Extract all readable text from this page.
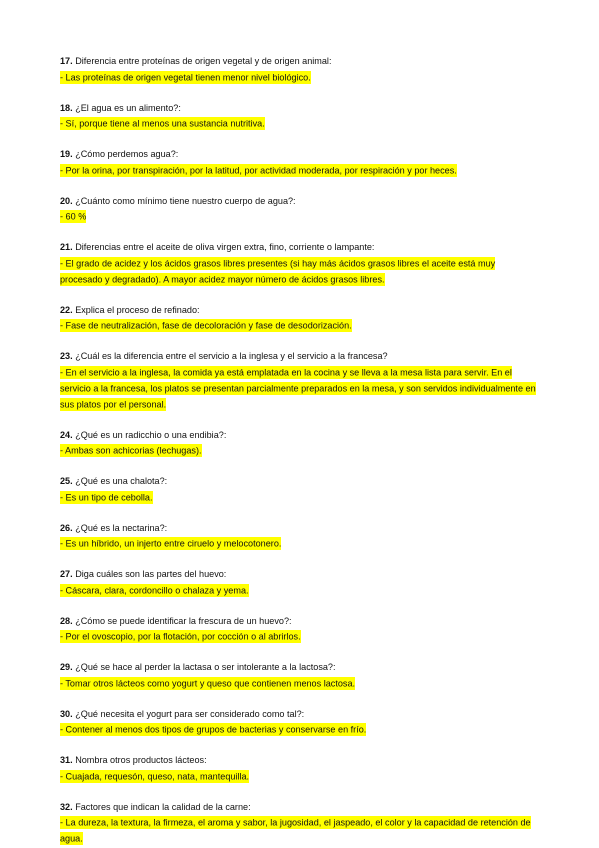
17. Diferencia entre proteínas de origen vegetal y de origen animal:

- Las proteínas de origen vegetal tienen menor nivel biológico.

18. ¿El agua es un alimento?:

- Sí, porque tiene al menos una sustancia nutritiva.

19. ¿Cómo perdemos agua?:

- Por la orina, por transpiración, por la latitud, por actividad moderada, por respiración y por heces.

20. ¿Cuánto como mínimo tiene nuestro cuerpo de agua?:

- 60 %

21. Diferencias entre el aceite de oliva virgen extra, fino, corriente o lampante:

- El grado de acidez y los ácidos grasos libres presentes (si hay más ácidos grasos libres el aceite está muy procesado y degradado). A mayor acidez mayor número de ácidos grasos libres.

22. Explica el proceso de refinado:

- Fase de neutralización, fase de decoloración y fase de desodorización.

23. ¿Cuál es la diferencia entre el servicio a la inglesa y el servicio a la francesa?

- En el servicio a la inglesa, la comida ya está emplatada en la cocina y se lleva a la mesa lista para servir. En el servicio a la francesa, los platos se presentan parcialmente preparados en la mesa, y son servidos individualmente en sus platos por el personal.

24. ¿Qué es un radicchio o una endibia?:

- Ambas son achicorias (lechugas).

25. ¿Qué es una chalota?:

- Es un tipo de cebolla.

26. ¿Qué es la nectarina?:

- Es un híbrido, un injerto entre ciruelo y melocotonero.

27. Diga cuáles son las partes del huevo:

- Cáscara, clara, cordoncillo o chalaza y yema.

28. ¿Cómo se puede identificar la frescura de un huevo?:

- Por el ovoscopio, por la flotación, por cocción o al abrirlos.

29. ¿Qué se hace al perder la lactasa o ser intolerante a la lactosa?:

- Tomar otros lácteos como yogurt y queso que contienen menos lactosa.

30. ¿Qué necesita el yogurt para ser considerado como tal?:

- Contener al menos dos tipos de grupos de bacterias y conservarse en frío.

31. Nombra otros productos lácteos:

- Cuajada, requesón, queso, nata, mantequilla.

32. Factores que indican la calidad de la carne:

- La dureza, la textura, la firmeza, el aroma y sabor, la jugosidad, el jaspeado, el color y la capacidad de retención de agua.
